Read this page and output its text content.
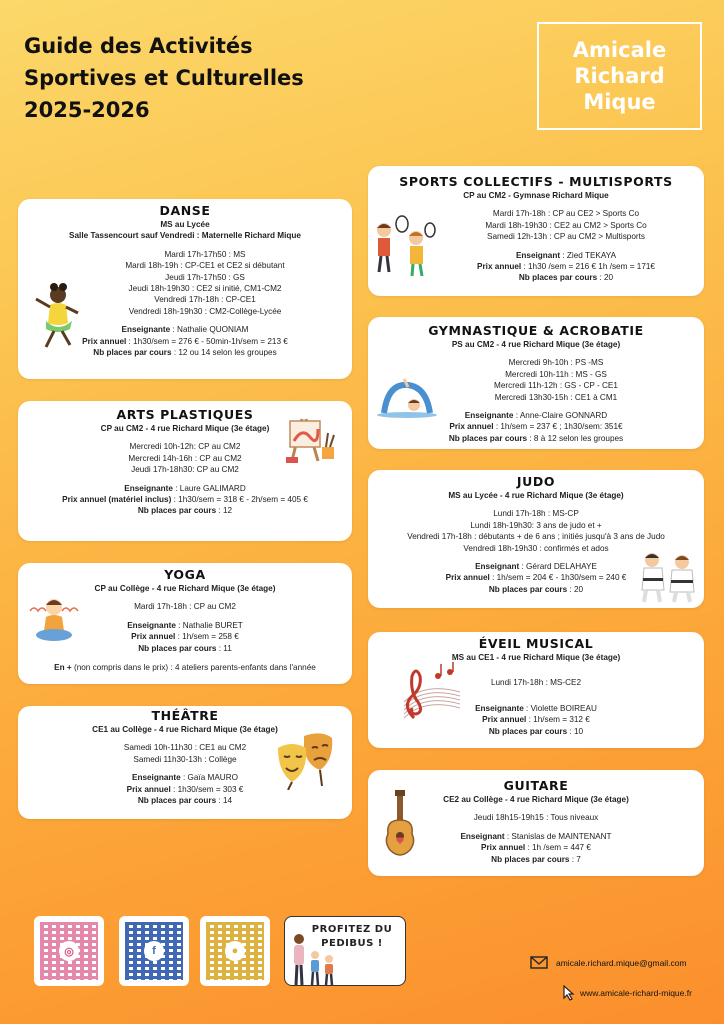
Guide des Activités
Sportives et Culturelles
2025-2026
Amicale
Richard
Mique
DANSE
MS au Lycée
Salle Tassencourt sauf Vendredi : Maternelle Richard Mique
Mardi 17h-17h50 : MS
Mardi 18h-19h : CP-CE1 et CE2 si débutant
Jeudi 17h-17h50 : GS
Jeudi 18h-19h30 : CE2 si initié, CM1-CM2
Vendredi 17h-18h : CP-CE1
Vendredi 18h-19h30 : CM2-Collège-Lycée
Enseignante : Nathalie QUONIAM
Prix annuel : 1h30/sem = 276 € - 50min-1h/sem = 213 €
Nb places par cours : 12 ou 14 selon les groupes
ARTS PLASTIQUES
CP au CM2 - 4 rue Richard Mique (3e étage)
Mercredi 10h-12h: CP au CM2
Mercredi 14h-16h : CP au CM2
Jeudi 17h-18h30: CP au CM2
Enseignante : Laure GALIMARD
Prix annuel (matériel inclus) : 1h30/sem = 318 € - 2h/sem = 405 €
Nb places par cours : 12
YOGA
CP au Collège - 4 rue Richard Mique (3e étage)
Mardi 17h-18h : CP au CM2
Enseignante : Nathalie BURET
Prix annuel : 1h/sem = 258 €
Nb places par cours : 11
En + (non compris dans le prix) : 4 ateliers parents-enfants dans l'année
THÉÂTRE
CE1 au Collège - 4 rue Richard Mique (3e étage)
Samedi 10h-11h30 : CE1 au CM2
Samedi 11h30-13h : Collège
Enseignante : Gaïa MAURO
Prix annuel : 1h30/sem = 303 €
Nb places par cours : 14
SPORTS COLLECTIFS - MULTISPORTS
CP au CM2 - Gymnase Richard Mique
Mardi 17h-18h : CP au CE2 > Sports Co
Mardi 18h-19h30 : CE2 au CM2 > Sports Co
Samedi 12h-13h : CP au CM2 > Multisports
Enseignant : Zied TEKAYA
Prix annuel : 1h30 /sem = 216 € 1h /sem = 171€
Nb places par cours : 20
GYMNASTIQUE & ACROBATIE
PS au CM2 - 4 rue Richard Mique (3e étage)
Mercredi 9h-10h : PS -MS
Mercredi 10h-11h : MS - GS
Mercredi 11h-12h : GS - CP - CE1
Mercredi 13h30-15h : CE1 à CM1
Enseignante : Anne-Claire GONNARD
Prix annuel : 1h/sem = 237 € ; 1h30/sem: 351€
Nb places par cours : 8 à 12 selon les groupes
JUDO
MS au Lycée - 4 rue Richard Mique (3e étage)
Lundi 17h-18h : MS-CP
Lundi 18h-19h30: 3 ans de judo et +
Vendredi 17h-18h : débutants + de 6 ans ; initiés jusqu'à 3 ans de Judo
Vendredi 18h-19h30 : confirmés et ados
Enseignant : Gérard DELAHAYE
Prix annuel : 1h/sem = 204 € - 1h30/sem = 240 €
Nb places par cours : 20
ÉVEIL MUSICAL
MS au CE1 - 4 rue Richard Mique (3e étage)
Lundi 17h-18h : MS-CE2
Enseignante : Violette BOIREAU
Prix annuel : 1h/sem = 312 €
Nb places par cours : 10
GUITARE
CE2 au Collège - 4 rue Richard Mique (3e étage)
Jeudi 18h15-19h15 : Tous niveaux
Enseignant : Stanislas de MAINTENANT
Prix annuel : 1h /sem = 447 €
Nb places par cours : 7
◎	f	●
PROFITEZ DU
PEDIBUS !
amicale.richard.mique@gmail.com
www.amicale-richard-mique.fr
